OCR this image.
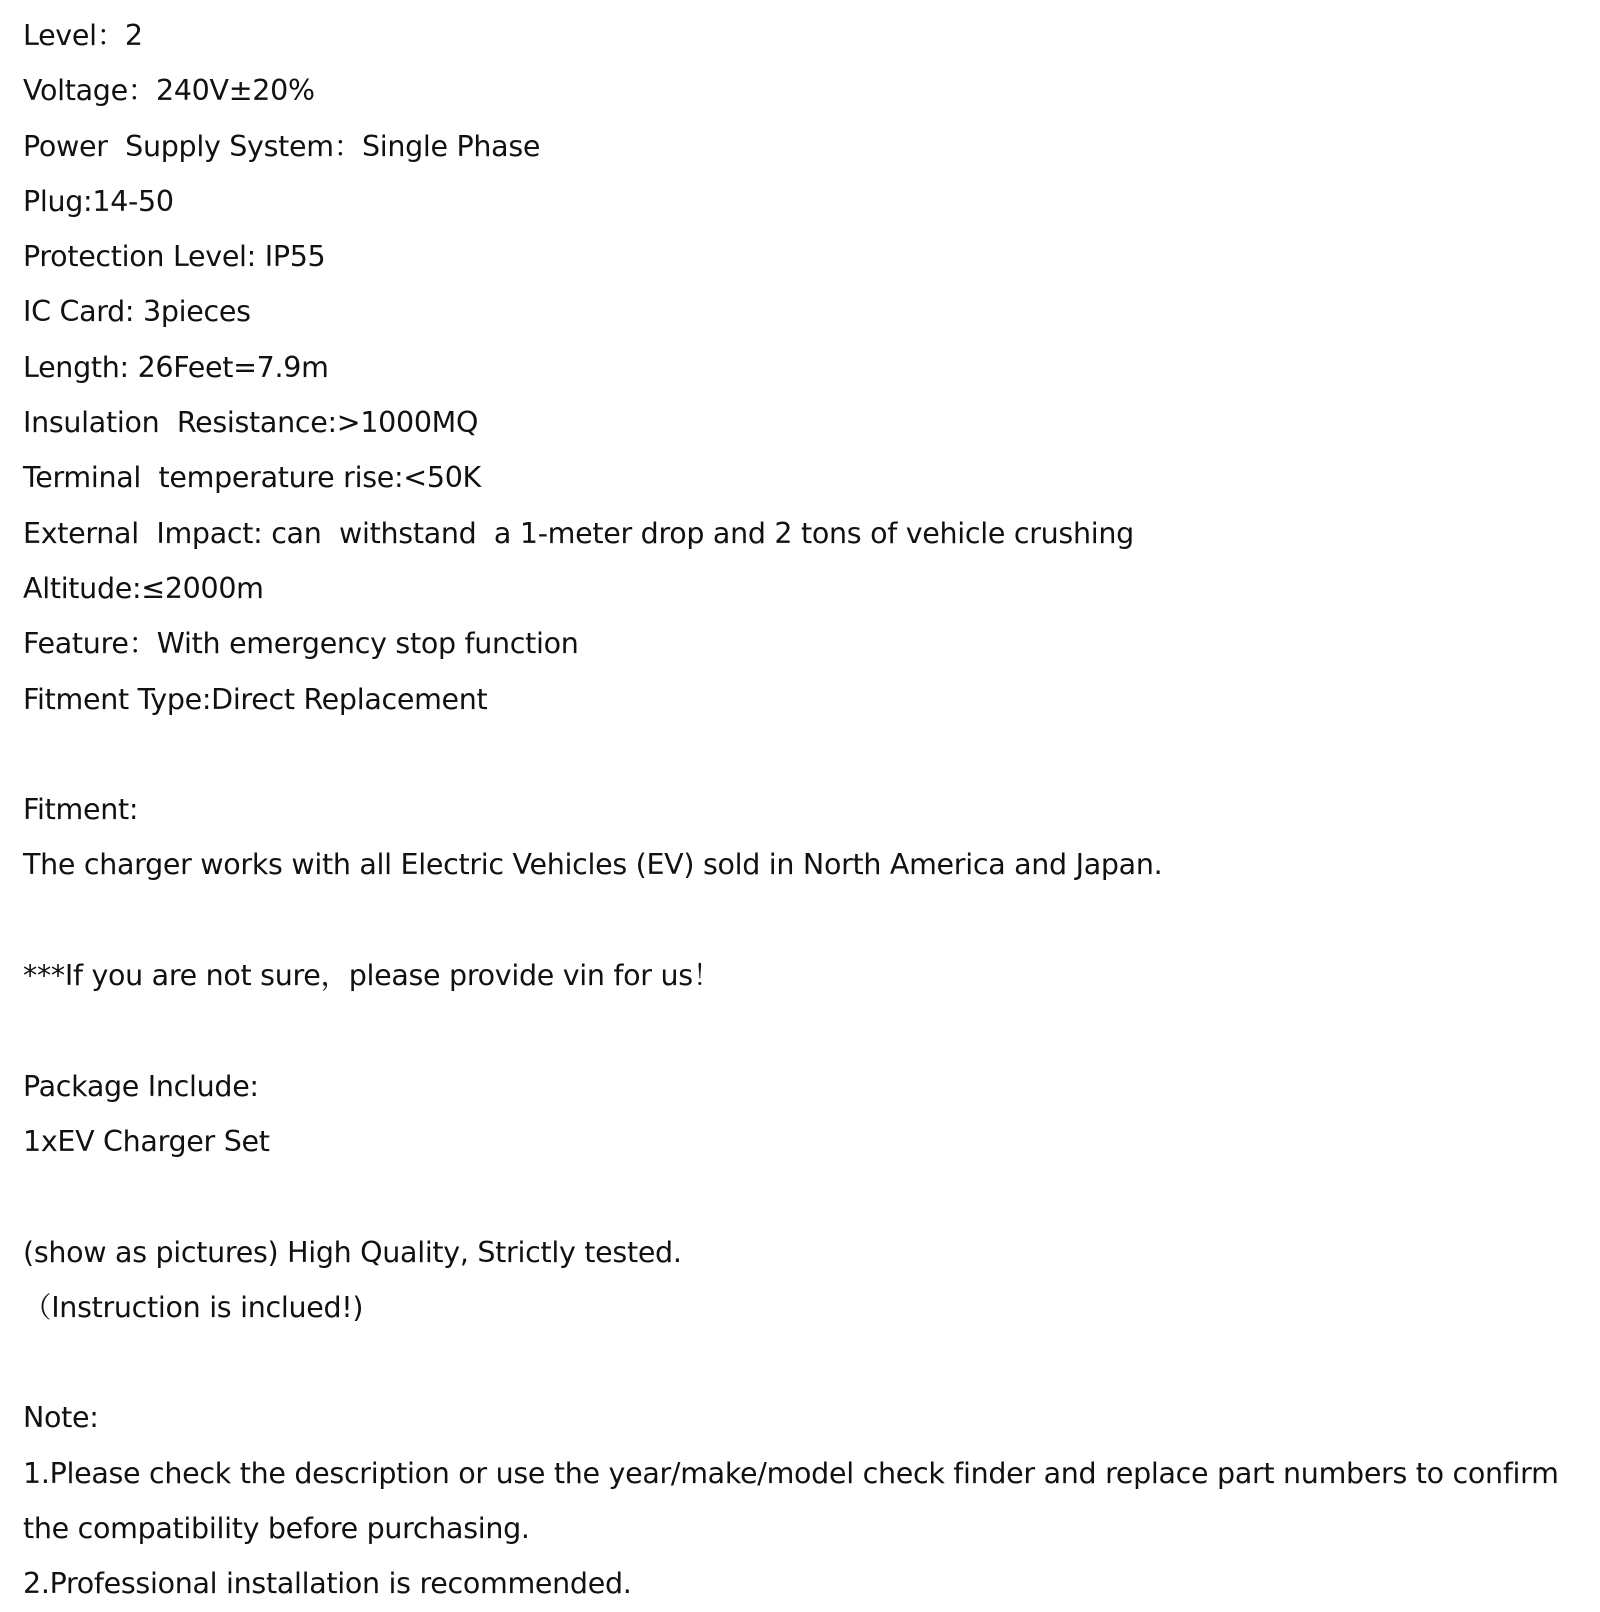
Level：2
Voltage：240V±20%
Power  Supply System：Single Phase
Plug:14-50
Protection Level: IP55
IC Card: 3pieces
Length: 26Feet=7.9m
Insulation  Resistance:>1000MQ
Terminal  temperature rise:<50K
External  Impact: can  withstand  a 1-meter drop and 2 tons of vehicle crushing
Altitude:≤2000m
Feature：With emergency stop function
Fitment Type:Direct Replacement
Fitment:
The charger works with all Electric Vehicles (EV) sold in North America and Japan.
***If you are not sure，please provide vin for us！
Package Include:
1xEV Charger Set
(show as pictures) High Quality, Strictly tested.
（Instruction is inclued!)
Note:
1.Please check the description or use the year/make/model check finder and replace part numbers to confirm
the compatibility before purchasing.
2.Professional installation is recommended.
